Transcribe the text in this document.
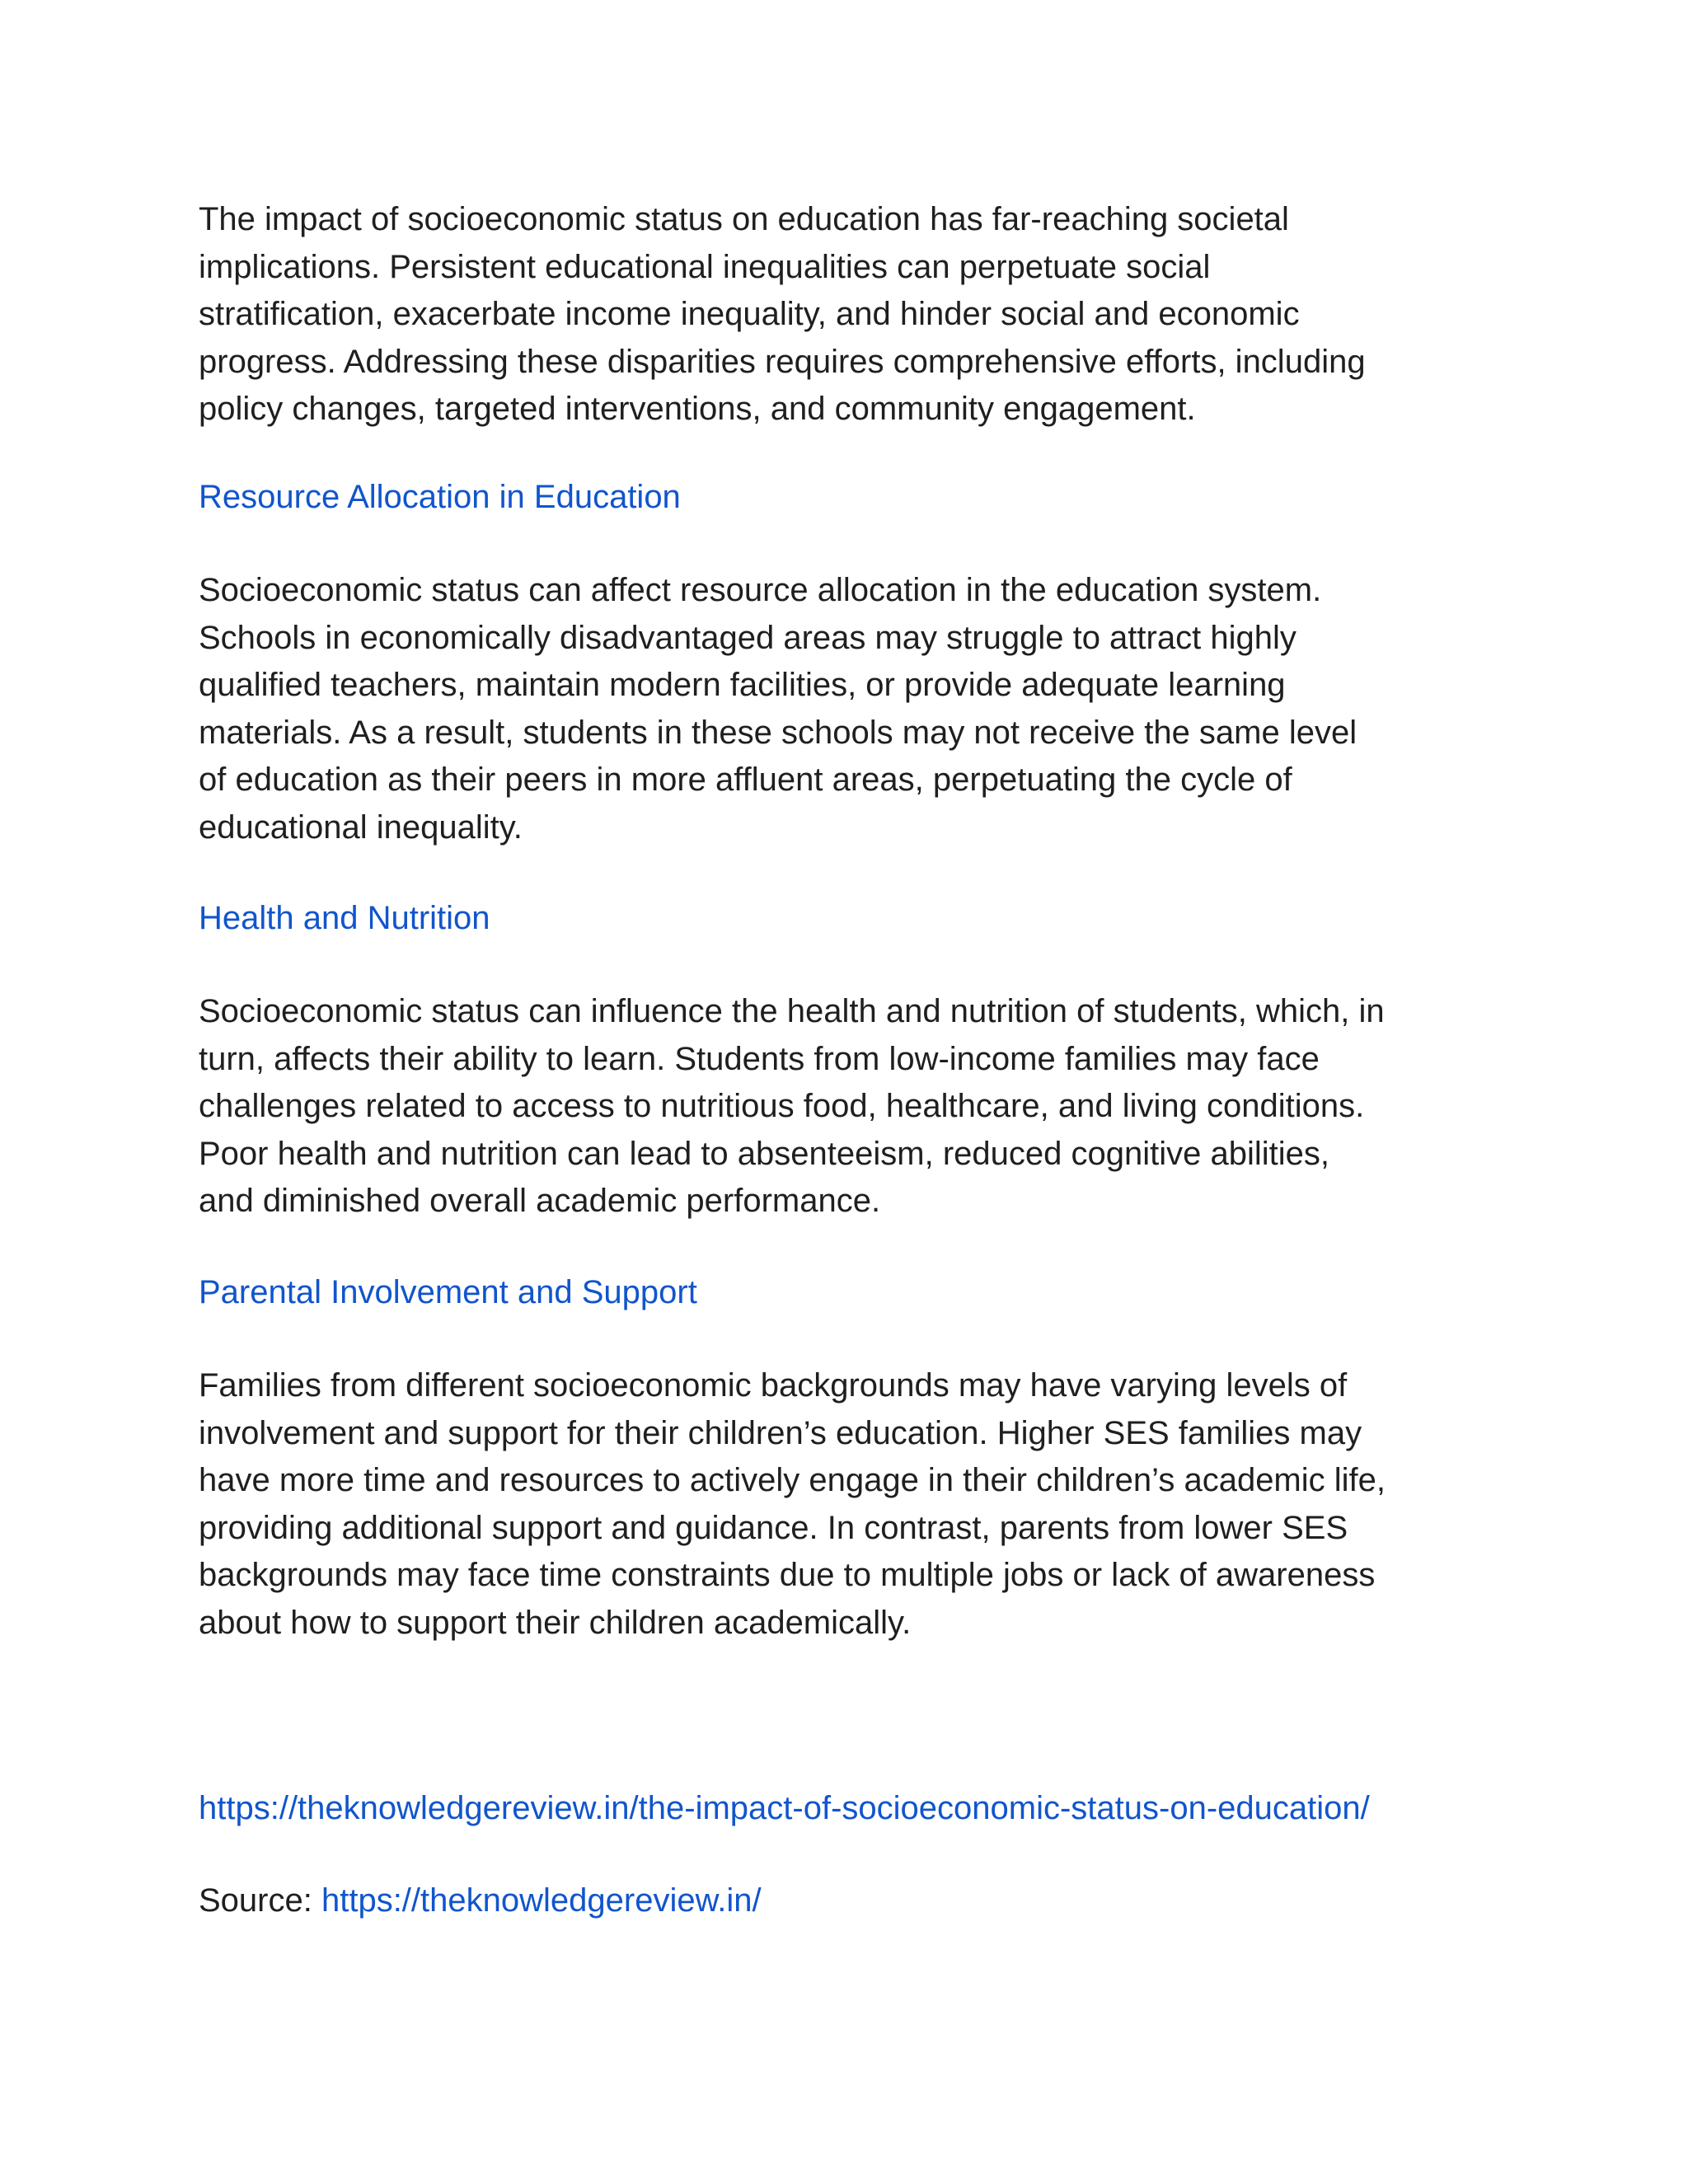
The impact of socioeconomic status on education has far-reaching societal
implications. Persistent educational inequalities can perpetuate social
stratification, exacerbate income inequality, and hinder social and economic
progress. Addressing these disparities requires comprehensive efforts, including
policy changes, targeted interventions, and community engagement.

Resource Allocation in Education

Socioeconomic status can affect resource allocation in the education system.
Schools in economically disadvantaged areas may struggle to attract highly
qualified teachers, maintain modern facilities, or provide adequate learning
materials. As a result, students in these schools may not receive the same level
of education as their peers in more affluent areas, perpetuating the cycle of
educational inequality.

Health and Nutrition

Socioeconomic status can influence the health and nutrition of students, which, in
turn, affects their ability to learn. Students from low-income families may face
challenges related to access to nutritious food, healthcare, and living conditions.
Poor health and nutrition can lead to absenteeism, reduced cognitive abilities,
and diminished overall academic performance.

Parental Involvement and Support

Families from different socioeconomic backgrounds may have varying levels of
involvement and support for their children’s education. Higher SES families may
have more time and resources to actively engage in their children’s academic life,
providing additional support and guidance. In contrast, parents from lower SES
backgrounds may face time constraints due to multiple jobs or lack of awareness
about how to support their children academically.

https://theknowledgereview.in/the-impact-of-socioeconomic-status-on-education/

Source: https://theknowledgereview.in/
